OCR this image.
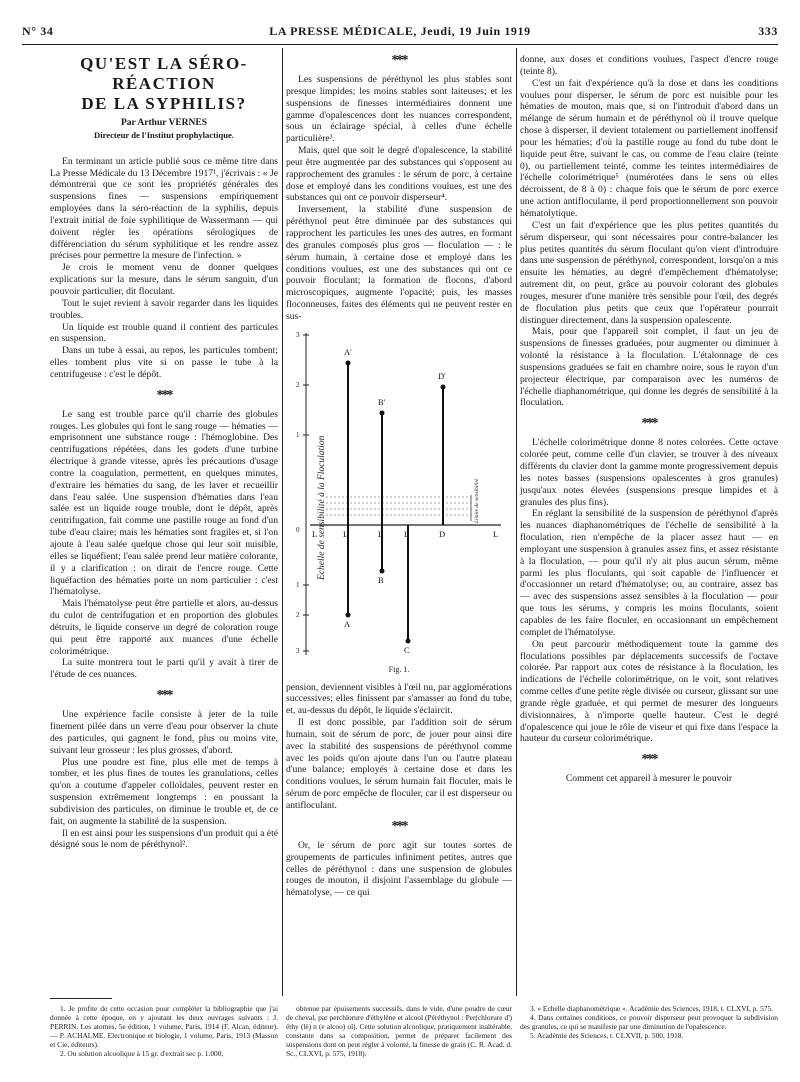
N° 34	LA PRESSE MÉDICALE, Jeudi, 19 Juin 1919	333
QU'EST LA SÉRO-RÉACTION
DE LA SYPHILIS?
Par Arthur VERNES
Directeur de l'Institut prophylactique.

En terminant un article publié sous ce même titre dans La Presse Médicale du 13 Décembre 1917¹, j'écrivais : « Je démontrerai que ce sont les propriétés générales des suspensions fines — suspensions empiriquement employées dans la séro-réaction de la syphilis, depuis l'extrait initial de foie syphilitique de Wassermann — qui doivent régler les opérations sérologiques de différenciation du sérum syphilitique et les rendre assez précises pour permettre la mesure de l'infection. »

Je crois le moment venu de donner quelques explications sur la mesure, dans le sérum sanguin, d'un pouvoir particulier, dit floculant.

Tout le sujet revient à savoir regarder dans les liquides troubles.

Un liquide est trouble quand il contient des particules en suspension.

Dans un tube à essai, au repos, les particules tombent; elles tombent plus vite si on passe le tube à la centrifugeuse : c'est le dépôt.

***

Le sang est trouble parce qu'il charrie des globules rouges. Les globules qui font le sang rouge — hématies — emprisonnent une substance rouge : l'hémoglobine. Des centrifugations répétées, dans les godets d'une turbine électrique à grande vitesse, après les précautions d'usage contre la coagulation, permettent, en quelques minutes, d'extraire les hématies du sang, de les laver et recueillir dans l'eau salée. Une suspension d'hématies dans l'eau salée est un liquide rouge trouble, dont le dépôt, après centrifugation, fait comme une pastille rouge au fond d'un tube d'eau claire; mais les hématies sont fragiles et, si l'on ajoute à l'eau salée quelque chose qui leur soit nuisible, elles se liquéfient; l'eau salée prend leur matière colorante, il y a clarification : on dirait de l'encre rouge. Cette liquéfaction des hématies porte un nom particulier : c'est l'hématolyse.

Mais l'hématolyse peut être partielle et alors, au-dessus du culot de centrifugation et en proportion des globules détruits, le liquide conserve un degré de coloration rouge qui peut être rapporté aux nuances d'une échelle colorimétrique.

La suite montrera tout le parti qu'il y avait à tirer de l'étude de ces nuances.

***

Une expérience facile consiste à jeter de la tuile finement pilée dans un verre d'eau pour observer la chute des particules, qui gagnent le fond, plus ou moins vite, suivant leur grosseur : les plus grosses, d'abord.

Plus une poudre est fine, plus elle met de temps à tomber, et les plus fines de toutes les granulations, celles qu'on a coutume d'appeler colloïdales, peuvent rester en suspension extrêmement longtemps : en poussant la subdivision des particules, on diminue le trouble et, de ce fait, on augmente la stabilité de la suspension.

Il en est ainsi pour les suspensions d'un produit qui a été désigné sous le nom de péréthynol².

***

Les suspensions de péréthynol les plus stables sont presque limpides; les moins stables sont laiteuses; et les suspensions de finesses intermédiaires donnent une gamme d'opalescences dont les nuances correspondent, sous un éclairage spécial, à celles d'une échelle particulière³.

Mais, quel que soit le degré d'opalescence, la stabilité peut être augmentée par des substances qui s'opposent au rapprochement des granules : le sérum de porc, à certaine dose et employé dans les conditions voulues, est une des substances qui ont ce pouvoir disperseur⁴.

Inversement, la stabilité d'une suspension de péréthynol peut être diminuée par des substances qui rapprochent les particules les unes des autres, en formant des granules composés plus gros — floculation — : le sérum humain, à certaine dose et employé dans les conditions voulues, est une des substances qui ont ce pouvoir floculant; la formation de flocons, d'abord microscopiques, augmente l'opacité; puis, les masses floconneuses, faites des éléments qui ne peuvent rester en sus-

3
2
1
0
1
2
3
Echelle de sensibilité à la Floculation	Limite de sensibilité
A'
B'
D'
A
B
C
L	L	L L	D	L
Fig. 1.

pension, deviennent visibles à l'œil nu, par agglomérations successives; elles finissent par s'amasser au fond du tube, et, au-dessus du dépôt, le liquide s'éclaircit.

Il est donc possible, par l'addition soit de sérum humain, soit de sérum de porc, de jouer pour ainsi dire avec la stabilité des suspensions de péréthynol comme avec les poids qu'on ajoute dans l'un ou l'autre plateau d'une balance; employés à certaine dose et dans les conditions voulues, le sérum humain fait floculer, mais le sérum de porc empêche de floculer, car il est disperseur ou antifloculant.

***

Or, le sérum de porc agit sur toutes sortes de groupements de particules infiniment petites, autres que celles de péréthynol : dans une suspension de globules rouges de mouton, il disjoint l'assemblage du globule — hématolyse, — ce qui

donne, aux doses et conditions voulues, l'aspect d'encre rouge (teinte 8).

C'est un fait d'expérience qu'à la dose et dans les conditions voulues pour disperser, le sérum de porc est nuisible pour les hématies de mouton, mais que, si on l'introduit d'abord dans un mélange de sérum humain et de péréthynol où il trouve quelque chose à disperser, il devient totalement ou partiellement inoffensif pour les hématies; d'où la pastille rouge au fond du tube dont le liquide peut être, suivant le cas, ou comme de l'eau claire (teinte 0), ou partiellement teinté, comme les teintes intermédiaires de l'échelle colorimétrique⁵ (numérotées dans le sens où elles décroissent, de 8 à 0) : chaque fois que le sérum de porc exerce une action antifloculante, il perd proportionnellement son pouvoir hématolytique.

C'est un fait d'expérience que les plus petites quantités du sérum disperseur, qui sont nécessaires pour contre-balancer les plus petites quantités du sérum floculant qu'on vient d'introduire dans une suspension de péréthynol, correspondent, lorsqu'on a mis ensuite les hématies, au degré d'empêchement d'hématolyse; autrement dit, on peut, grâce au pouvoir colorant des globules rouges, mesurer d'une manière très sensible pour l'œil, des degrés de floculation plus petits que ceux que l'opérateur pourrait distinguer directement, dans la suspension opalescente.

Mais, pour que l'appareil soit complet, il faut un jeu de suspensions de finesses graduées, pour augmenter ou diminuer à volonté la résistance à la floculation. L'étalonnage de ces suspensions graduées se fait en chambre noire, sous le rayon d'un projecteur électrique, par comparaison avec les numéros de l'échelle diaphanométrique, qui donne les degrés de sensibilité à la floculation.

***

L'échelle colorimétrique donne 8 notes colorées. Cette octave colorée peut, comme celle d'un clavier, se trouver à des niveaux différents du clavier dont la gamme monte progressivement depuis les notes basses (suspensions opalescentes à gros granules) jusqu'aux notes élevées (suspensions presque limpides et à granules des plus fins).

En réglant la sensibilité de la suspension de péréthynol d'après les nuances diaphanométriques de l'échelle de sensibilité à la floculation, rien n'empêche de la placer assez haut — en employant une suspension à granules assez fins, et assez résistante à la floculation, — pour qu'il n'y ait plus aucun sérum, même parmi les plus floculants, qui soit capable de l'influencer et d'occasionner un retard d'hématolyse; ou, au contraire, assez bas — avec des suspensions assez sensibles à la floculation — pour que tous les sérums, y compris les moins floculants, soient capables de les faire floculer, en occasionnant un empêchement complet de l'hématolyse.

On peut parcourir méthodiquement toute la gamme des floculations possibles par déplacements successifs de l'octave colorée. Par rapport aux cotes de résistance à la floculation, les indications de l'échelle colorimétrique, on le voit, sont relatives comme celles d'une petite règle divisée ou curseur, glissant sur une grande règle graduée, et qui permet de mesurer des longueurs divisionnaires, à n'importe quelle hauteur. C'est le degré d'opalescence qui joue le rôle de viseur et qui fixe dans l'espace la hauteur du curseur colorimétrique.

***

Comment cet appareil à mesurer le pouvoir

1. Je profite de cette occasion pour compléter la bibliographie que j'ai donnée à cette époque, en y ajoutant les deux ouvrages suivants : J. PERRIN. Les atomes, 5e édition, 1 volume, Paris, 1914 (F. Alcan, éditeur). — P. ACHALME. Electronique et biologie, 1 volume, Paris, 1913 (Masson et Cie, éditeurs).

2. Ou solution alcoolique à 15 gr. d'extrait sec p. 1.000,

obtenue par épuisements successifs, dans le vide, d'une poudre de cœur de cheval, par perchlorure d'éthylène et alcool (Péréthynol : Per(chlorure d') éthy (lè) n (e alcoo) ol). Cette solution alcoolique, pratiquement inaltérable, constante dans sa composition, permet de préparer facilement des suspensions dont on peut régler à volonté, la finesse de grain (C. R. Acad. d. Sc., CLXVI, p. 575, 1918).

3. « Echelle diaphanométrique ». Académie des Sciences, 1918, t. CLXVI, p. 575.

4. Dans certaines conditions, ce pouvoir disperseur peut provoquer la subdivision des granules, ce qui se manifeste par une diminution de l'opalescence.

5. Académie des Sciences, t. CLXVII, p. 500, 1918.
